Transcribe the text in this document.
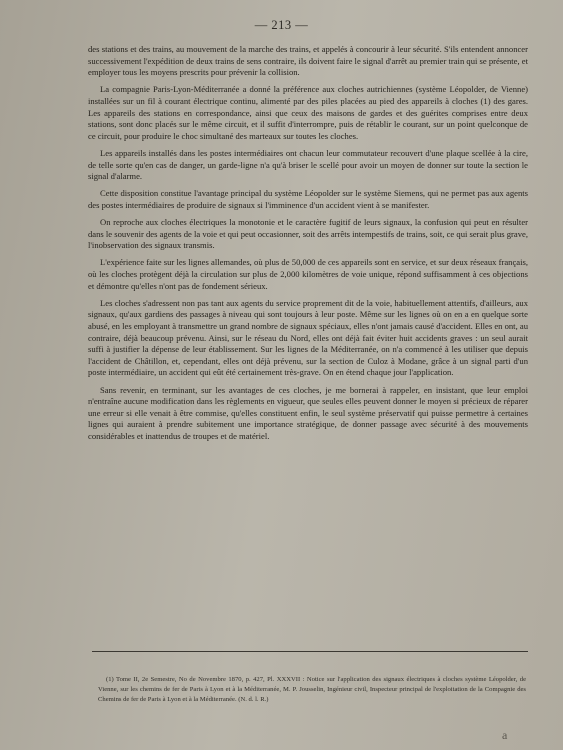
— 213 —

des stations et des trains, au mouvement de la marche des trains, et appelés à concourir à leur sécurité. S'ils entendent annoncer successivement l'expédition de deux trains de sens contraire, ils doivent faire le signal d'arrêt au premier train qui se présente, et employer tous les moyens prescrits pour prévenir la collision.

La compagnie Paris-Lyon-Méditerranée a donné la préférence aux cloches autrichiennes (système Léopolder, de Vienne) installées sur un fil à courant électrique continu, alimenté par des piles placées au pied des appareils à cloches (1) des gares. Les appareils des stations en correspondance, ainsi que ceux des maisons de gardes et des guérites comprises entre deux stations, sont donc placés sur le même circuit, et il suffit d'interrompre, puis de rétablir le courant, sur un point quelconque de ce circuit, pour produire le choc simultané des marteaux sur toutes les cloches.

Les appareils installés dans les postes intermédiaires ont chacun leur commutateur recouvert d'une plaque scellée à la cire, de telle sorte qu'en cas de danger, un garde-ligne n'a qu'à briser le scellé pour avoir un moyen de donner sur toute la section le signal d'alarme.

Cette disposition constitue l'avantage principal du système Léopolder sur le système Siemens, qui ne permet pas aux agents des postes intermédiaires de produire de signaux si l'imminence d'un accident vient à se manifester.

On reproche aux cloches électriques la monotonie et le caractère fugitif de leurs signaux, la confusion qui peut en résulter dans le souvenir des agents de la voie et qui peut occasionner, soit des arrêts intempestifs de trains, soit, ce qui serait plus grave, l'inobservation des signaux transmis.

L'expérience faite sur les lignes allemandes, où plus de 50,000 de ces appareils sont en service, et sur deux réseaux français, où les cloches protègent déjà la circulation sur plus de 2,000 kilomètres de voie unique, répond suffisamment à ces objections et démontre qu'elles n'ont pas de fondement sérieux.

Les cloches s'adressent non pas tant aux agents du service proprement dit de la voie, habituellement attentifs, d'ailleurs, aux signaux, qu'aux gardiens des passages à niveau qui sont toujours à leur poste. Même sur les lignes où on en a en quelque sorte abusé, en les employant à transmettre un grand nombre de signaux spéciaux, elles n'ont jamais causé d'accident. Elles en ont, au contraire, déjà beaucoup prévenu. Ainsi, sur le réseau du Nord, elles ont déjà fait éviter huit accidents graves : un seul aurait suffi à justifier la dépense de leur établissement. Sur les lignes de la Méditerranée, on n'a commencé à les utiliser que depuis l'accident de Châtillon, et, cependant, elles ont déjà prévenu, sur la section de Culoz à Modane, grâce à un signal parti d'un poste intermédiaire, un accident qui eût été certainement très-grave. On en étend chaque jour l'application.

Sans revenir, en terminant, sur les avantages de ces cloches, je me bornerai à rappeler, en insistant, que leur emploi n'entraîne aucune modification dans les règlements en vigueur, que seules elles peuvent donner le moyen si précieux de réparer une erreur si elle venait à être commise, qu'elles constituent enfin, le seul système préservatif qui puisse permettre à certaines lignes qui auraient à prendre subitement une importance stratégique, de donner passage avec sécurité à des mouvements considérables et inattendus de troupes et de matériel.

(1) Tome II, 2e Semestre, No de Novembre 1870, p. 427, Pl. XXXVII : Notice sur l'application des signaux électriques à cloches système Léopolder, de Vienne, sur les chemins de fer de Paris à Lyon et à la Méditerranée, M. P. Jousselin, Ingénieur civil, Inspecteur principal de l'exploitation de la Compagnie des Chemins de fer de Paris à Lyon et à la Méditerranée. (N. d. l. R.)

a
